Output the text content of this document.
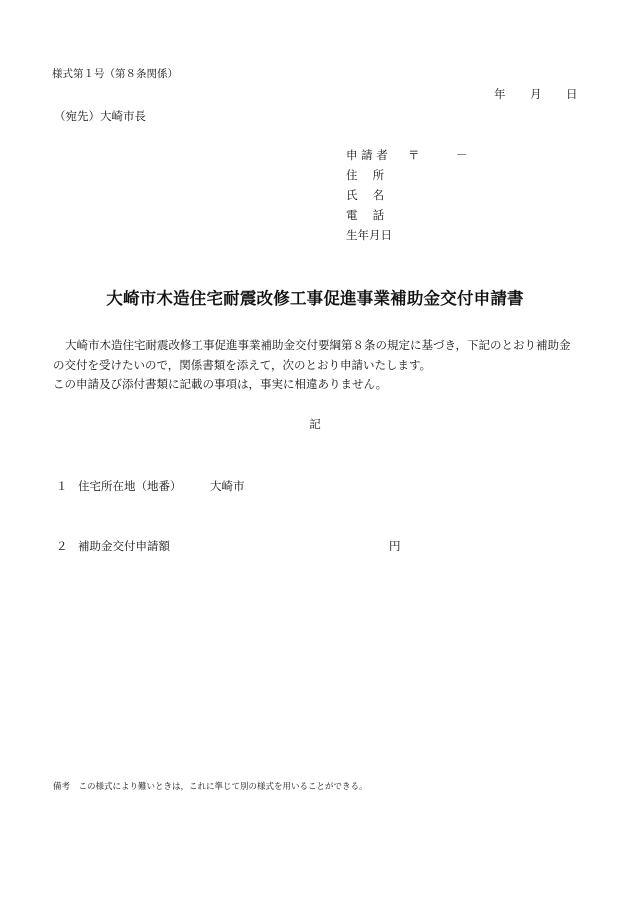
様式第１号（第８条関係）
年 月 日
（宛先）大崎市長
申 請 者 〒	－
住　 所
氏　 名
電　 話
生年月日
大崎市木造住宅耐震改修工事促進事業補助金交付申請書

大崎市木造住宅耐震改修工事促進事業補助金交付要綱第８条の規定に基づき，下記のとおり補助金の交付を受けたいので，関係書類を添えて，次のとおり申請いたします。

この申請及び添付書類に記載の事項は，事実に相違ありません。

記
１ 住宅所在地（地番） 大崎市
２ 補助金交付申請額	円
備考　この様式により難いときは，これに準じて別の様式を用いることができる。
